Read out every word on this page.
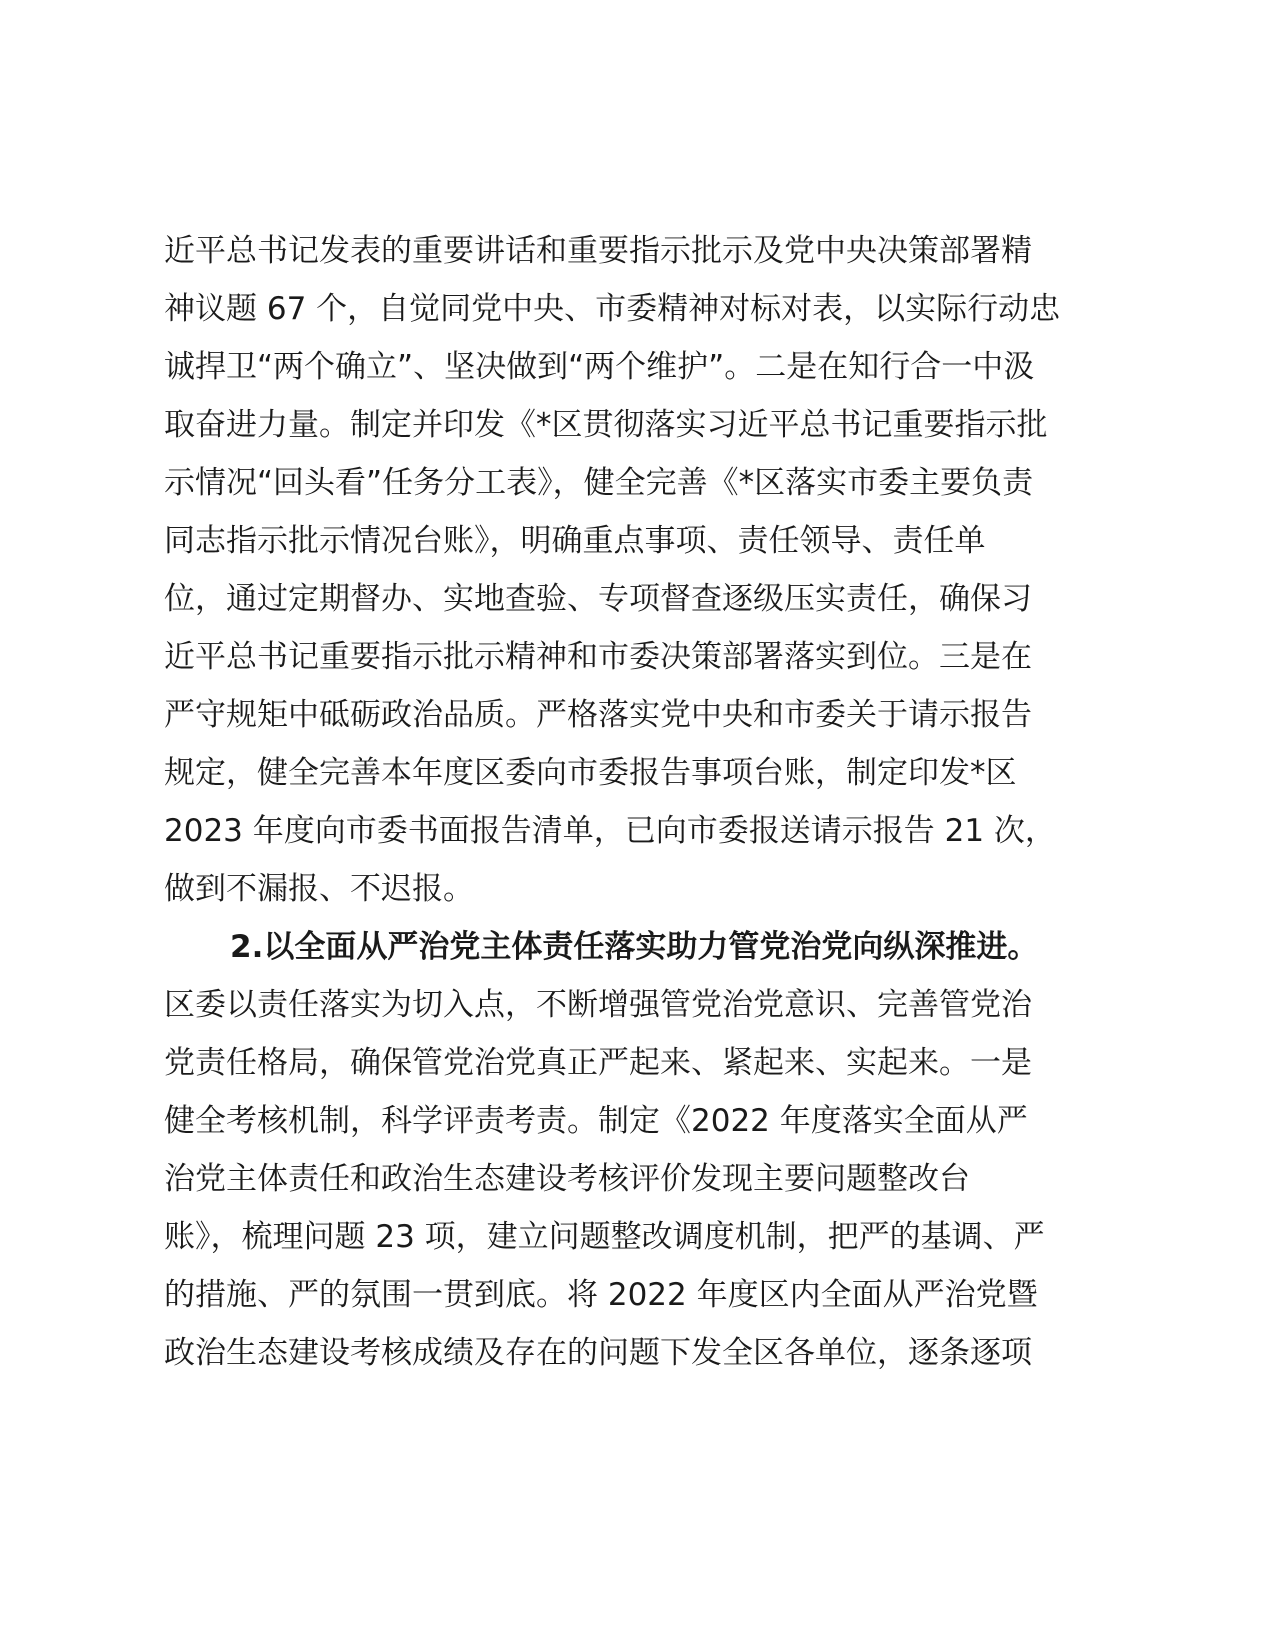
近平总书记发表的重要讲话和重要指示批示及党中央决策部署精
神议题 67 个，自觉同党中央、市委精神对标对表，以实际行动忠
诚捍卫“两个确立”、坚决做到“两个维护”。二是在知行合一中汲
取奋进力量。制定并印发《*区贯彻落实习近平总书记重要指示批
示情况“回头看”任务分工表》，健全完善《*区落实市委主要负责
同志指示批示情况台账》，明确重点事项、责任领导、责任单
位，通过定期督办、实地查验、专项督查逐级压实责任，确保习
近平总书记重要指示批示精神和市委决策部署落实到位。三是在
严守规矩中砥砺政治品质。严格落实党中央和市委关于请示报告
规定，健全完善本年度区委向市委报告事项台账，制定印发*区
2023 年度向市委书面报告清单，已向市委报送请示报告 21 次，
做到不漏报、不迟报。
2.以全面从严治党主体责任落实助力管党治党向纵深推进。
区委以责任落实为切入点，不断增强管党治党意识、完善管党治
党责任格局，确保管党治党真正严起来、紧起来、实起来。一是
健全考核机制，科学评责考责。制定《2022 年度落实全面从严
治党主体责任和政治生态建设考核评价发现主要问题整改台
账》，梳理问题 23 项，建立问题整改调度机制，把严的基调、严
的措施、严的氛围一贯到底。将 2022 年度区内全面从严治党暨
政治生态建设考核成绩及存在的问题下发全区各单位，逐条逐项
